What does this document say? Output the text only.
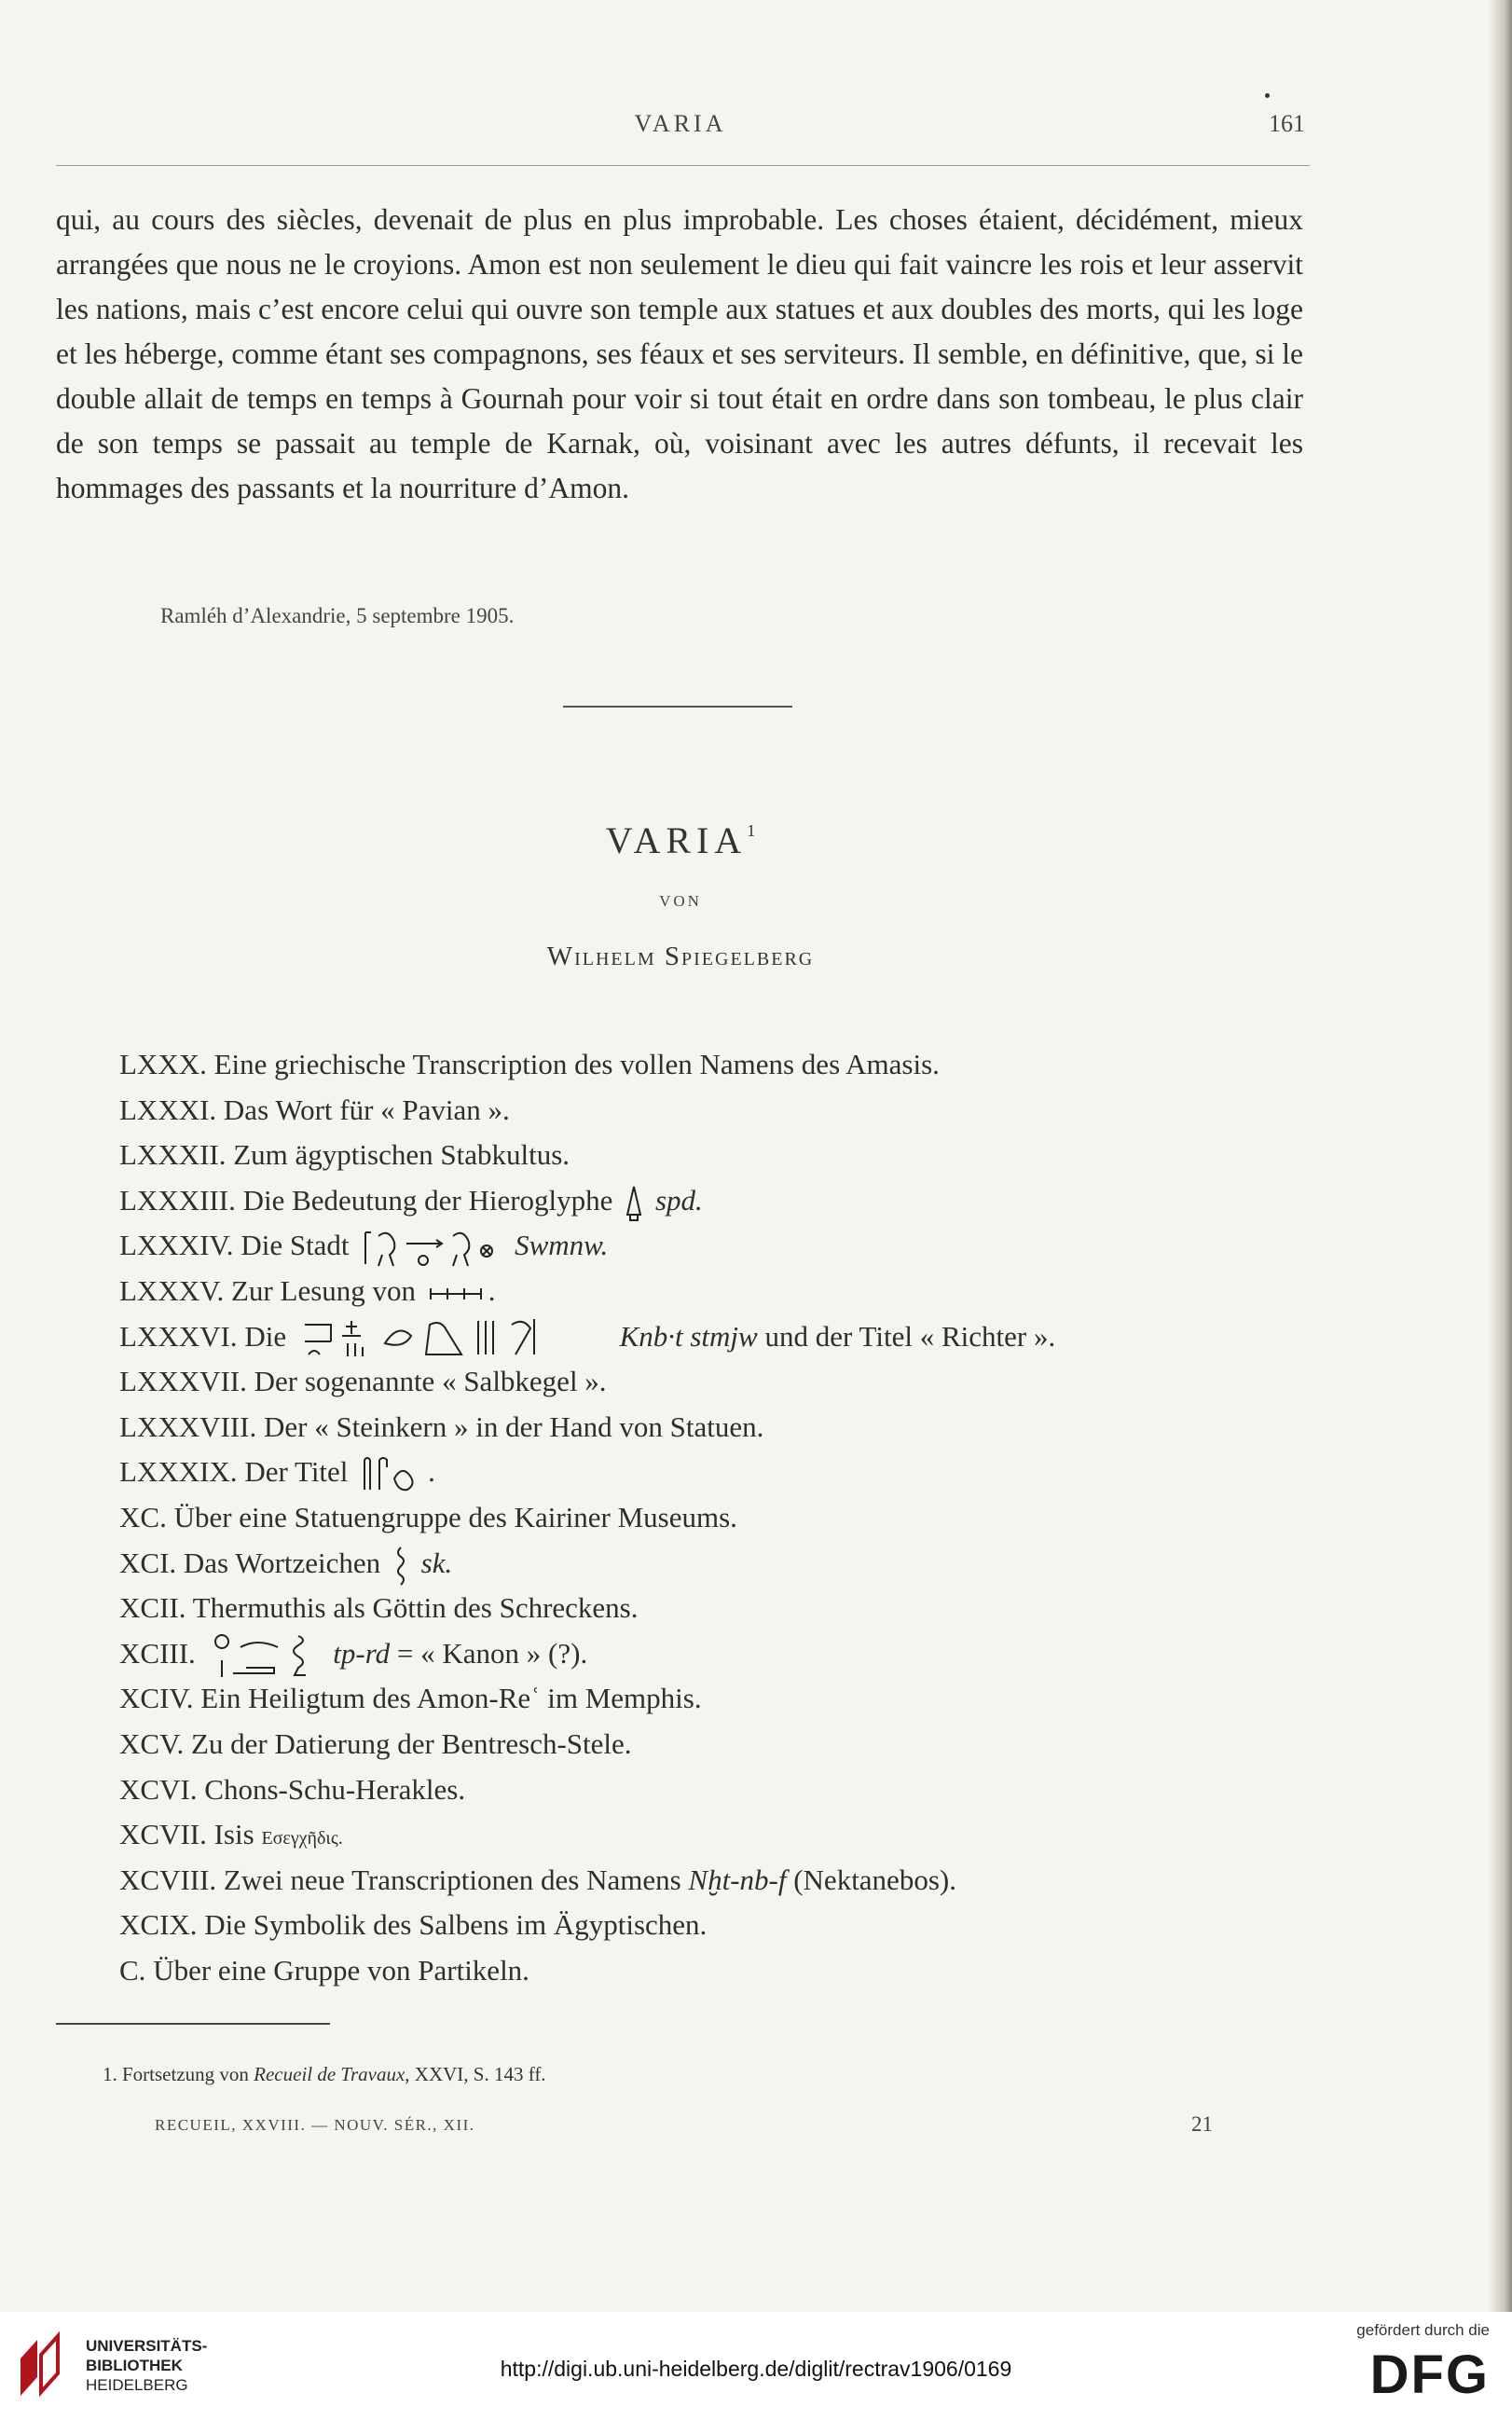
VARIA	161
qui, au cours des siècles, devenait de plus en plus improbable. Les choses étaient, décidément, mieux arrangées que nous ne le croyions. Amon est non seulement le dieu qui fait vaincre les rois et leur asservit les nations, mais c’est encore celui qui ouvre son temple aux statues et aux doubles des morts, qui les loge et les héberge, comme étant ses compagnons, ses féaux et ses serviteurs. Il semble, en définitive, que, si le double allait de temps en temps à Gournah pour voir si tout était en ordre dans son tombeau, le plus clair de son temps se passait au temple de Karnak, où, voisinant avec les autres défunts, il recevait les hommages des passants et la nourriture d’Amon.
Ramléh d’Alexandrie, 5 septembre 1905.
VARIA$^1$
VON
Wilhelm Spiegelberg
LXXX. Eine griechische Transcription des vollen Namens des Amasis.
LXXXI. Das Wort für « Pavian ».
LXXXII. Zum ägyptischen Stabkultus.
LXXXIII. Die Bedeutung der Hieroglyphe spd.
LXXXIV. Die Stadt	Swmnw.
LXXXV. Zur Lesung von	.
LXXXVI. Die	Knb·t stmjw und der Titel « Richter ».
LXXXVII. Der sogenannte « Salbkegel ».
LXXXVIII. Der « Steinkern » in der Hand von Statuen.
LXXXIX. Der Titel	.
XC. Über eine Statuengruppe des Kairiner Museums.
XCI. Das Wortzeichen sk.
XCII. Thermuthis als Göttin des Schreckens.
XCIII.	tp-rd = « Kanon » (?).
XCIV. Ein Heiligtum des Amon-Reʿ im Memphis.
XCV. Zu der Datierung der Bentresch-Stele.
XCVI. Chons-Schu-Herakles.
XCVII. Isis Εσεγχῆδις.
XCVIII. Zwei neue Transcriptionen des Namens Nḫt-nb-f (Nektanebos).
XCIX. Die Symbolik des Salbens im Ägyptischen.
C. Über eine Gruppe von Partikeln.
1. Fortsetzung von Recueil de Travaux, XXVI, S. 143 ff.
RECUEIL, XXVIII. — NOUV. SÉR., XII.	21
UNIVERSITÄTS-
BIBLIOTHEK
HEIDELBERG
http://digi.ub.uni-heidelberg.de/diglit/rectrav1906/0169
gefördert durch die
DFG
